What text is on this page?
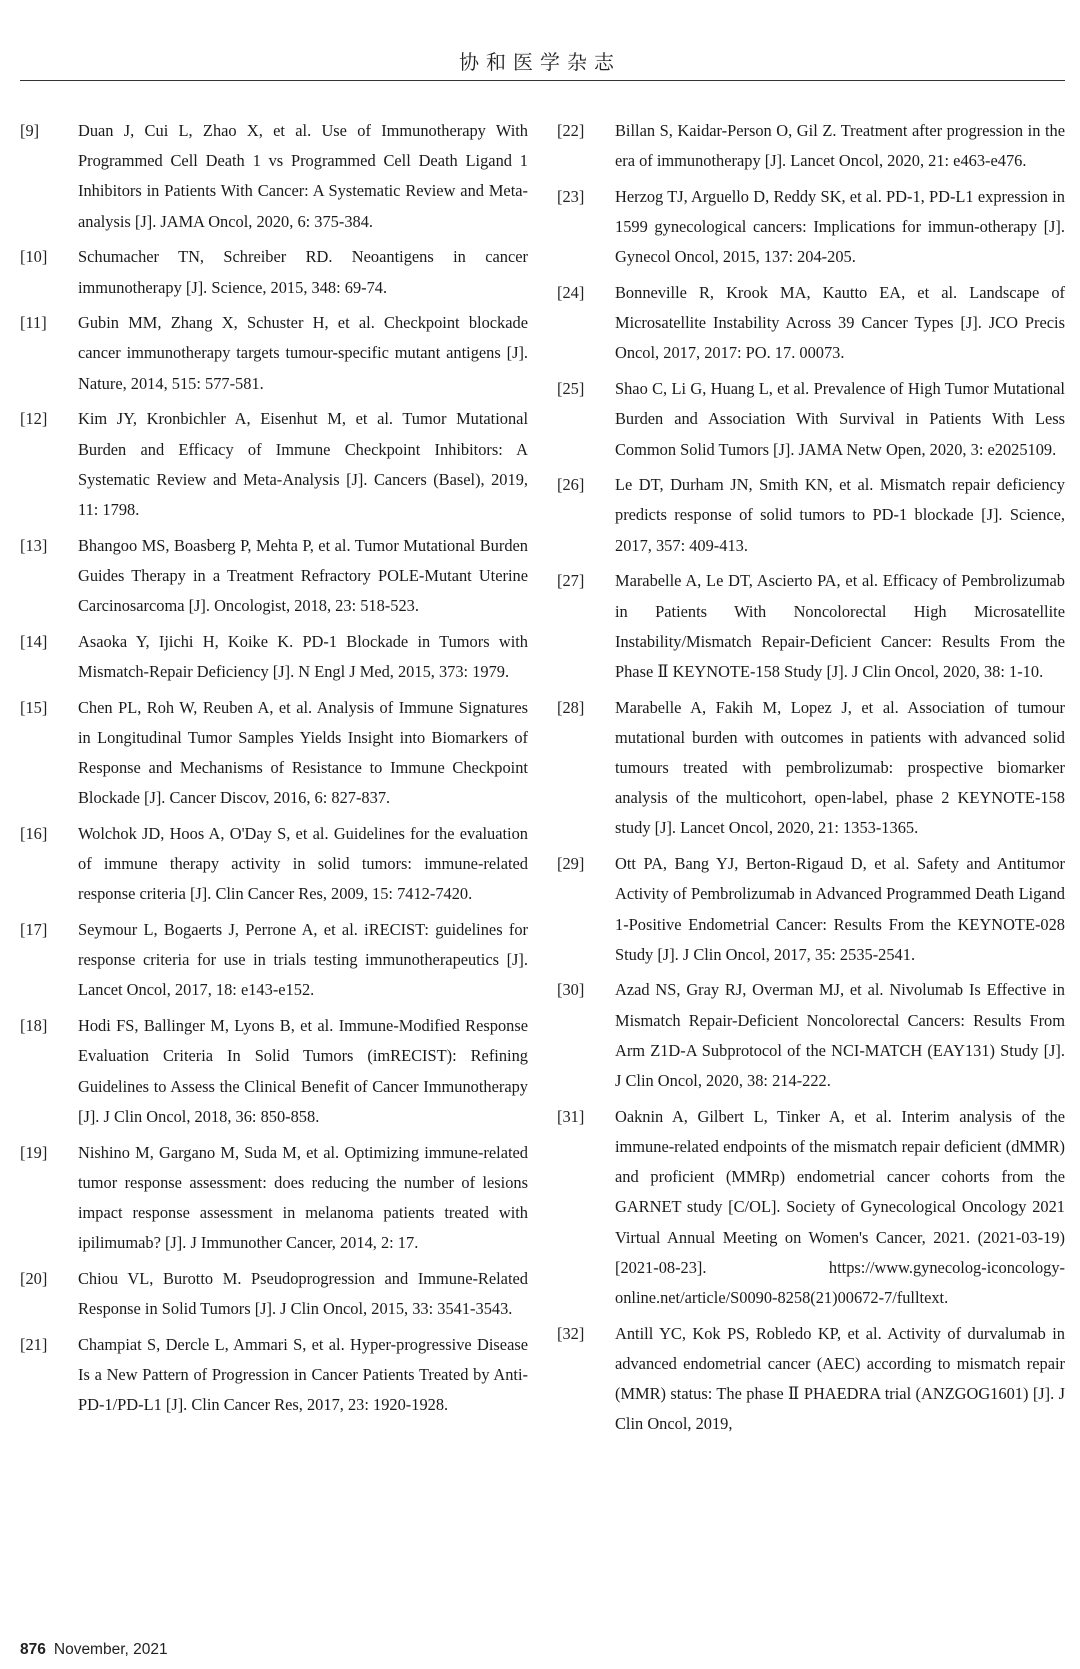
协和医学杂志
[9]	Duan J, Cui L, Zhao X, et al. Use of Immunotherapy With Programmed Cell Death 1 vs Programmed Cell Death Ligand 1 Inhibitors in Patients With Cancer: A Systematic Review and Meta-analysis [J]. JAMA Oncol, 2020, 6: 375-384.
[10]	Schumacher TN, Schreiber RD. Neoantigens in cancer immunotherapy [J]. Science, 2015, 348: 69-74.
[11]	Gubin MM, Zhang X, Schuster H, et al. Checkpoint blockade cancer immunotherapy targets tumour-specific mutant antigens [J]. Nature, 2014, 515: 577-581.
[12]	Kim JY, Kronbichler A, Eisenhut M, et al. Tumor Mutational Burden and Efficacy of Immune Checkpoint Inhibitors: A Systematic Review and Meta-Analysis [J]. Cancers (Basel), 2019, 11: 1798.
[13]	Bhangoo MS, Boasberg P, Mehta P, et al. Tumor Mutational Burden Guides Therapy in a Treatment Refractory POLE-Mutant Uterine Carcinosarcoma [J]. Oncologist, 2018, 23: 518-523.
[14]	Asaoka Y, Ijichi H, Koike K. PD-1 Blockade in Tumors with Mismatch-Repair Deficiency [J]. N Engl J Med, 2015, 373: 1979.
[15]	Chen PL, Roh W, Reuben A, et al. Analysis of Immune Signatures in Longitudinal Tumor Samples Yields Insight into Biomarkers of Response and Mechanisms of Resistance to Immune Checkpoint Blockade [J]. Cancer Discov, 2016, 6: 827-837.
[16]	Wolchok JD, Hoos A, O'Day S, et al. Guidelines for the evaluation of immune therapy activity in solid tumors: immune-related response criteria [J]. Clin Cancer Res, 2009, 15: 7412-7420.
[17]	Seymour L, Bogaerts J, Perrone A, et al. iRECIST: guidelines for response criteria for use in trials testing immunotherapeutics [J]. Lancet Oncol, 2017, 18: e143-e152.
[18]	Hodi FS, Ballinger M, Lyons B, et al. Immune-Modified Response Evaluation Criteria In Solid Tumors (imRECIST): Refining Guidelines to Assess the Clinical Benefit of Cancer Immunotherapy [J]. J Clin Oncol, 2018, 36: 850-858.
[19]	Nishino M, Gargano M, Suda M, et al. Optimizing immune-related tumor response assessment: does reducing the number of lesions impact response assessment in melanoma patients treated with ipilimumab? [J]. J Immunother Cancer, 2014, 2: 17.
[20]	Chiou VL, Burotto M. Pseudoprogression and Immune-Related Response in Solid Tumors [J]. J Clin Oncol, 2015, 33: 3541-3543.
[21]	Champiat S, Dercle L, Ammari S, et al. Hyper-progressive Disease Is a New Pattern of Progression in Cancer Patients Treated by Anti-PD-1/PD-L1 [J]. Clin Cancer Res, 2017, 23: 1920-1928.
[22]	Billan S, Kaidar-Person O, Gil Z. Treatment after progression in the era of immunotherapy [J]. Lancet Oncol, 2020, 21: e463-e476.
[23]	Herzog TJ, Arguello D, Reddy SK, et al. PD-1, PD-L1 expression in 1599 gynecological cancers: Implications for immun-otherapy [J]. Gynecol Oncol, 2015, 137: 204-205.
[24]	Bonneville R, Krook MA, Kautto EA, et al. Landscape of Microsatellite Instability Across 39 Cancer Types [J]. JCO Precis Oncol, 2017, 2017: PO. 17. 00073.
[25]	Shao C, Li G, Huang L, et al. Prevalence of High Tumor Mutational Burden and Association With Survival in Patients With Less Common Solid Tumors [J]. JAMA Netw Open, 2020, 3: e2025109.
[26]	Le DT, Durham JN, Smith KN, et al. Mismatch repair deficiency predicts response of solid tumors to PD-1 blockade [J]. Science, 2017, 357: 409-413.
[27]	Marabelle A, Le DT, Ascierto PA, et al. Efficacy of Pembrolizumab in Patients With Noncolorectal High Microsatellite Instability/Mismatch Repair-Deficient Cancer: Results From the Phase Ⅱ KEYNOTE-158 Study [J]. J Clin Oncol, 2020, 38: 1-10.
[28]	Marabelle A, Fakih M, Lopez J, et al. Association of tumour mutational burden with outcomes in patients with advanced solid tumours treated with pembrolizumab: prospective biomarker analysis of the multicohort, open-label, phase 2 KEYNOTE-158 study [J]. Lancet Oncol, 2020, 21: 1353-1365.
[29]	Ott PA, Bang YJ, Berton-Rigaud D, et al. Safety and Antitumor Activity of Pembrolizumab in Advanced Programmed Death Ligand 1-Positive Endometrial Cancer: Results From the KEYNOTE-028 Study [J]. J Clin Oncol, 2017, 35: 2535-2541.
[30]	Azad NS, Gray RJ, Overman MJ, et al. Nivolumab Is Effective in Mismatch Repair-Deficient Noncolorectal Cancers: Results From Arm Z1D-A Subprotocol of the NCI-MATCH (EAY131) Study [J]. J Clin Oncol, 2020, 38: 214-222.
[31]	Oaknin A, Gilbert L, Tinker A, et al. Interim analysis of the immune-related endpoints of the mismatch repair deficient (dMMR) and proficient (MMRp) endometrial cancer cohorts from the GARNET study [C/OL]. Society of Gynecological Oncology 2021 Virtual Annual Meeting on Women's Cancer, 2021. (2021-03-19) [2021-08-23]. https://www.gynecolog-iconcology-online.net/article/S0090-8258(21)00672-7/fulltext.
[32]	Antill YC, Kok PS, Robledo KP, et al. Activity of durvalumab in advanced endometrial cancer (AEC) according to mismatch repair (MMR) status: The phase Ⅱ PHAEDRA trial (ANZGOG1601) [J]. J Clin Oncol, 2019,
876 November, 2021
